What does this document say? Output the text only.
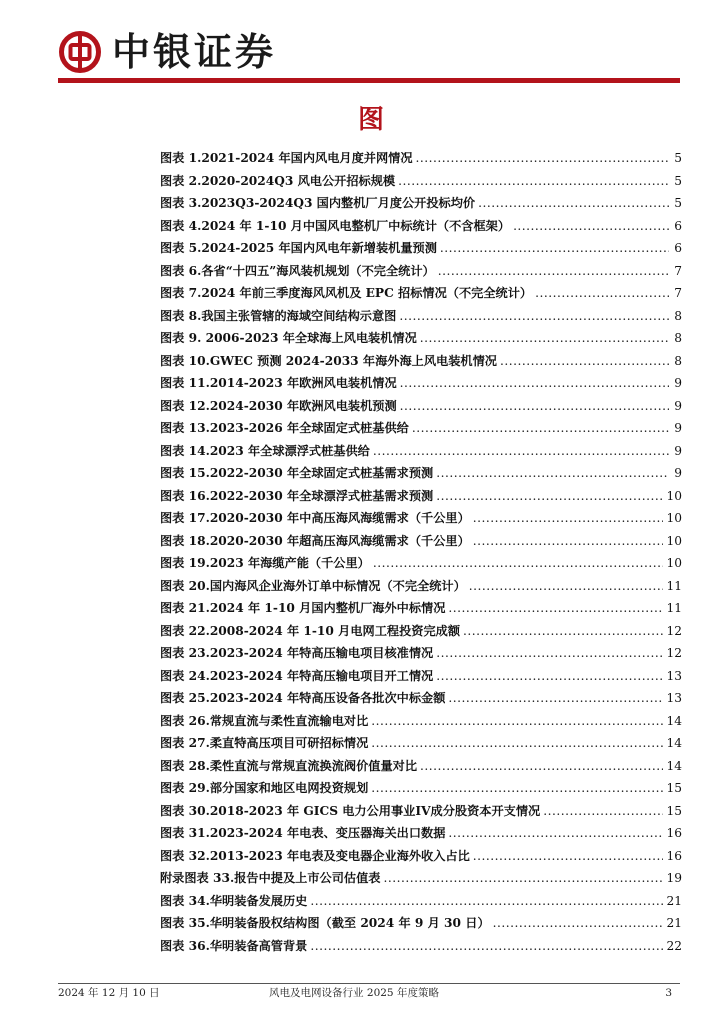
中银证券
图
图表 1.2021-2024 年国内风电月度并网情况 .....	5
图表 2.2020-2024Q3 风电公开招标规模 .....	5
图表 3.2023Q3-2024Q3 国内整机厂月度公开投标均价 .....	5
图表 4.2024 年 1-10 月中国风电整机厂中标统计（不含框架） .....	6
图表 5.2024-2025 年国内风电年新增装机量预测 .....	6
图表 6.各省“十四五”海风装机规划（不完全统计） .....	7
图表 7.2024 年前三季度海风风机及 EPC 招标情况（不完全统计） .....	7
图表 8.我国主张管辖的海域空间结构示意图 .....	8
图表 9. 2006-2023 年全球海上风电装机情况 .....	8
图表 10.GWEC 预测 2024-2033 年海外海上风电装机情况 .....	8
图表 11.2014-2023 年欧洲风电装机情况 .....	9
图表 12.2024-2030 年欧洲风电装机预测 .....	9
图表 13.2023-2026 年全球固定式桩基供给 .....	9
图表 14.2023 年全球漂浮式桩基供给 .....	9
图表 15.2022-2030 年全球固定式桩基需求预测 .....	9
图表 16.2022-2030 年全球漂浮式桩基需求预测 .....	10
图表 17.2020-2030 年中高压海风海缆需求（千公里） .....	10
图表 18.2020-2030 年超高压海风海缆需求（千公里） .....	10
图表 19.2023 年海缆产能（千公里） .....	10
图表 20.国内海风企业海外订单中标情况（不完全统计） .....	11
图表 21.2024 年 1-10 月国内整机厂海外中标情况 .....	11
图表 22.2008-2024 年 1-10 月电网工程投资完成额 .....	12
图表 23.2023-2024 年特高压输电项目核准情况 .....	12
图表 24.2023-2024 年特高压输电项目开工情况 .....	13
图表 25.2023-2024 年特高压设备各批次中标金额 .....	13
图表 26.常规直流与柔性直流输电对比 .....	14
图表 27.柔直特高压项目可研招标情况 .....	14
图表 28.柔性直流与常规直流换流阀价值量对比 .....	14
图表 29.部分国家和地区电网投资规划 .....	15
图表 30.2018-2023 年 GICS 电力公用事业IV成分股资本开支情况 .....	15
图表 31.2023-2024 年电表、变压器海关出口数据 .....	16
图表 32.2013-2023 年电表及变电器企业海外收入占比 .....	16
附录图表 33.报告中提及上市公司估值表 .....	19
图表 34.华明装备发展历史 .....	21
图表 35.华明装备股权结构图（截至 2024 年 9 月 30 日） .....	21
图表 36.华明装备高管背景 .....	22
2024 年 12 月 10 日	风电及电网设备行业 2025 年度策略	3
